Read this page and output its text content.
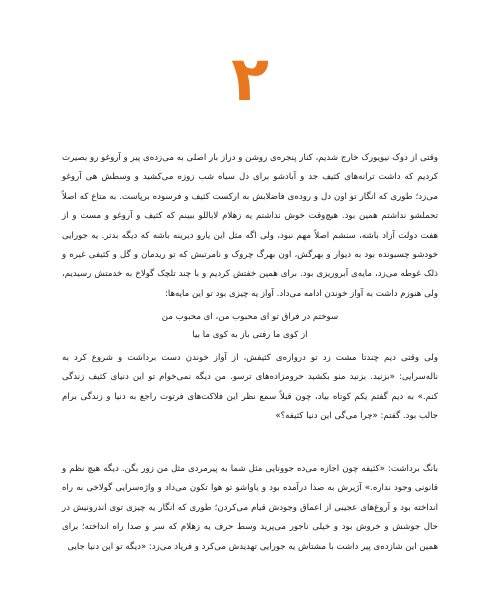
۲
وقتی از دوک نیویورک خارج شدیم، کنار پنجره‌ی روشن و دراز بار اصلی به می‌زده‌ی پیر و آروغو رو بصیرت کردیم که داشت ترانه‌های کثیف جد و آبادشو برای دل سیاه شب زوزه می‌کشید و وسطش هی آروغو می‌زد؛ طوری که انگار تو اون دل و روده‌ی فاضلابش به ارکست کثیف و فرسوده برپاست. به متاع که اصلاً تحملشو نداشتم همین بود. هیچ‌وقت خوش نداشتم یه زهلام لاباللو ببینم که کثیف و آروغو و مست و از هفت دولت آزاد باشه، سنشم اصلاً مهم نبود، ولی اگه مثل این یارو دیرینه باشه که دیگه بدتر. یه جورایی خودشو چسبونده بود به دیوار و بهرگش، اون بهرگ چروک و نامرتبش که تو ریدمان و گل و کثیفی غیره و ذلک غوطه می‌زد، مایه‌ی آبروریزی بود. برای همین خفتش کردیم و با چند تلچک گولاخ به خدمتش رسیدیم، ولی هنوزم داشت به آواز خوندن ادامه می‌داد. آواز یه چیزی بود تو این مایه‌ها:
سوختم در فراق تو ای محبوب من، ای محبوب من
از کوی ما رفتی باز به کوی ما بیا
ولی وقتی دیم چندتا مشت زد تو دروازه‌ی کثیفش، از آواز خوندن دست برداشت و شروع کرد به ناله‌سرایی: «بزنید. بزنید منو بکشید حرومزاده‌های ترسو. من دیگه نمی‌خوام تو این دنیای کثیف زندگی کنم.» به دیم گفتم یکم کوتاه بیاد، چون قبلاً سمع نظر این فلاکت‌های فرتوت راجع به دنیا و زندگی برام جالب بود. گفتم: «چرا می‌گی این دنیا کثیفه؟»
بانگ برداشت: «کثیفه چون اجازه می‌ده جوونایی مثل شما به پیرمردی مثل من زور بگن. دیگه هیچ نظم و قانونی وجود نداره.» آژیرش به صدا درآمده بود و یاواشو تو هوا تکون می‌داد و واژه‌سرایی گولاخی به راه انداخته بود و آروغ‌های عجیبی از اعماق وجودش قیام می‌کردن؛ طوری که انگار یه چیزی توی اندرونیش در حال جوشش و خروش بود و خیلی ناجور می‌پرید وسط حرف یه زهلام که سر و صدا راه انداخته؛ برای همین این شازده‌ی پیر داشت با مشتاش یه جورایی تهدیدش می‌کرد و فریاد می‌زد: «دیگه تو این دنیا جایی
